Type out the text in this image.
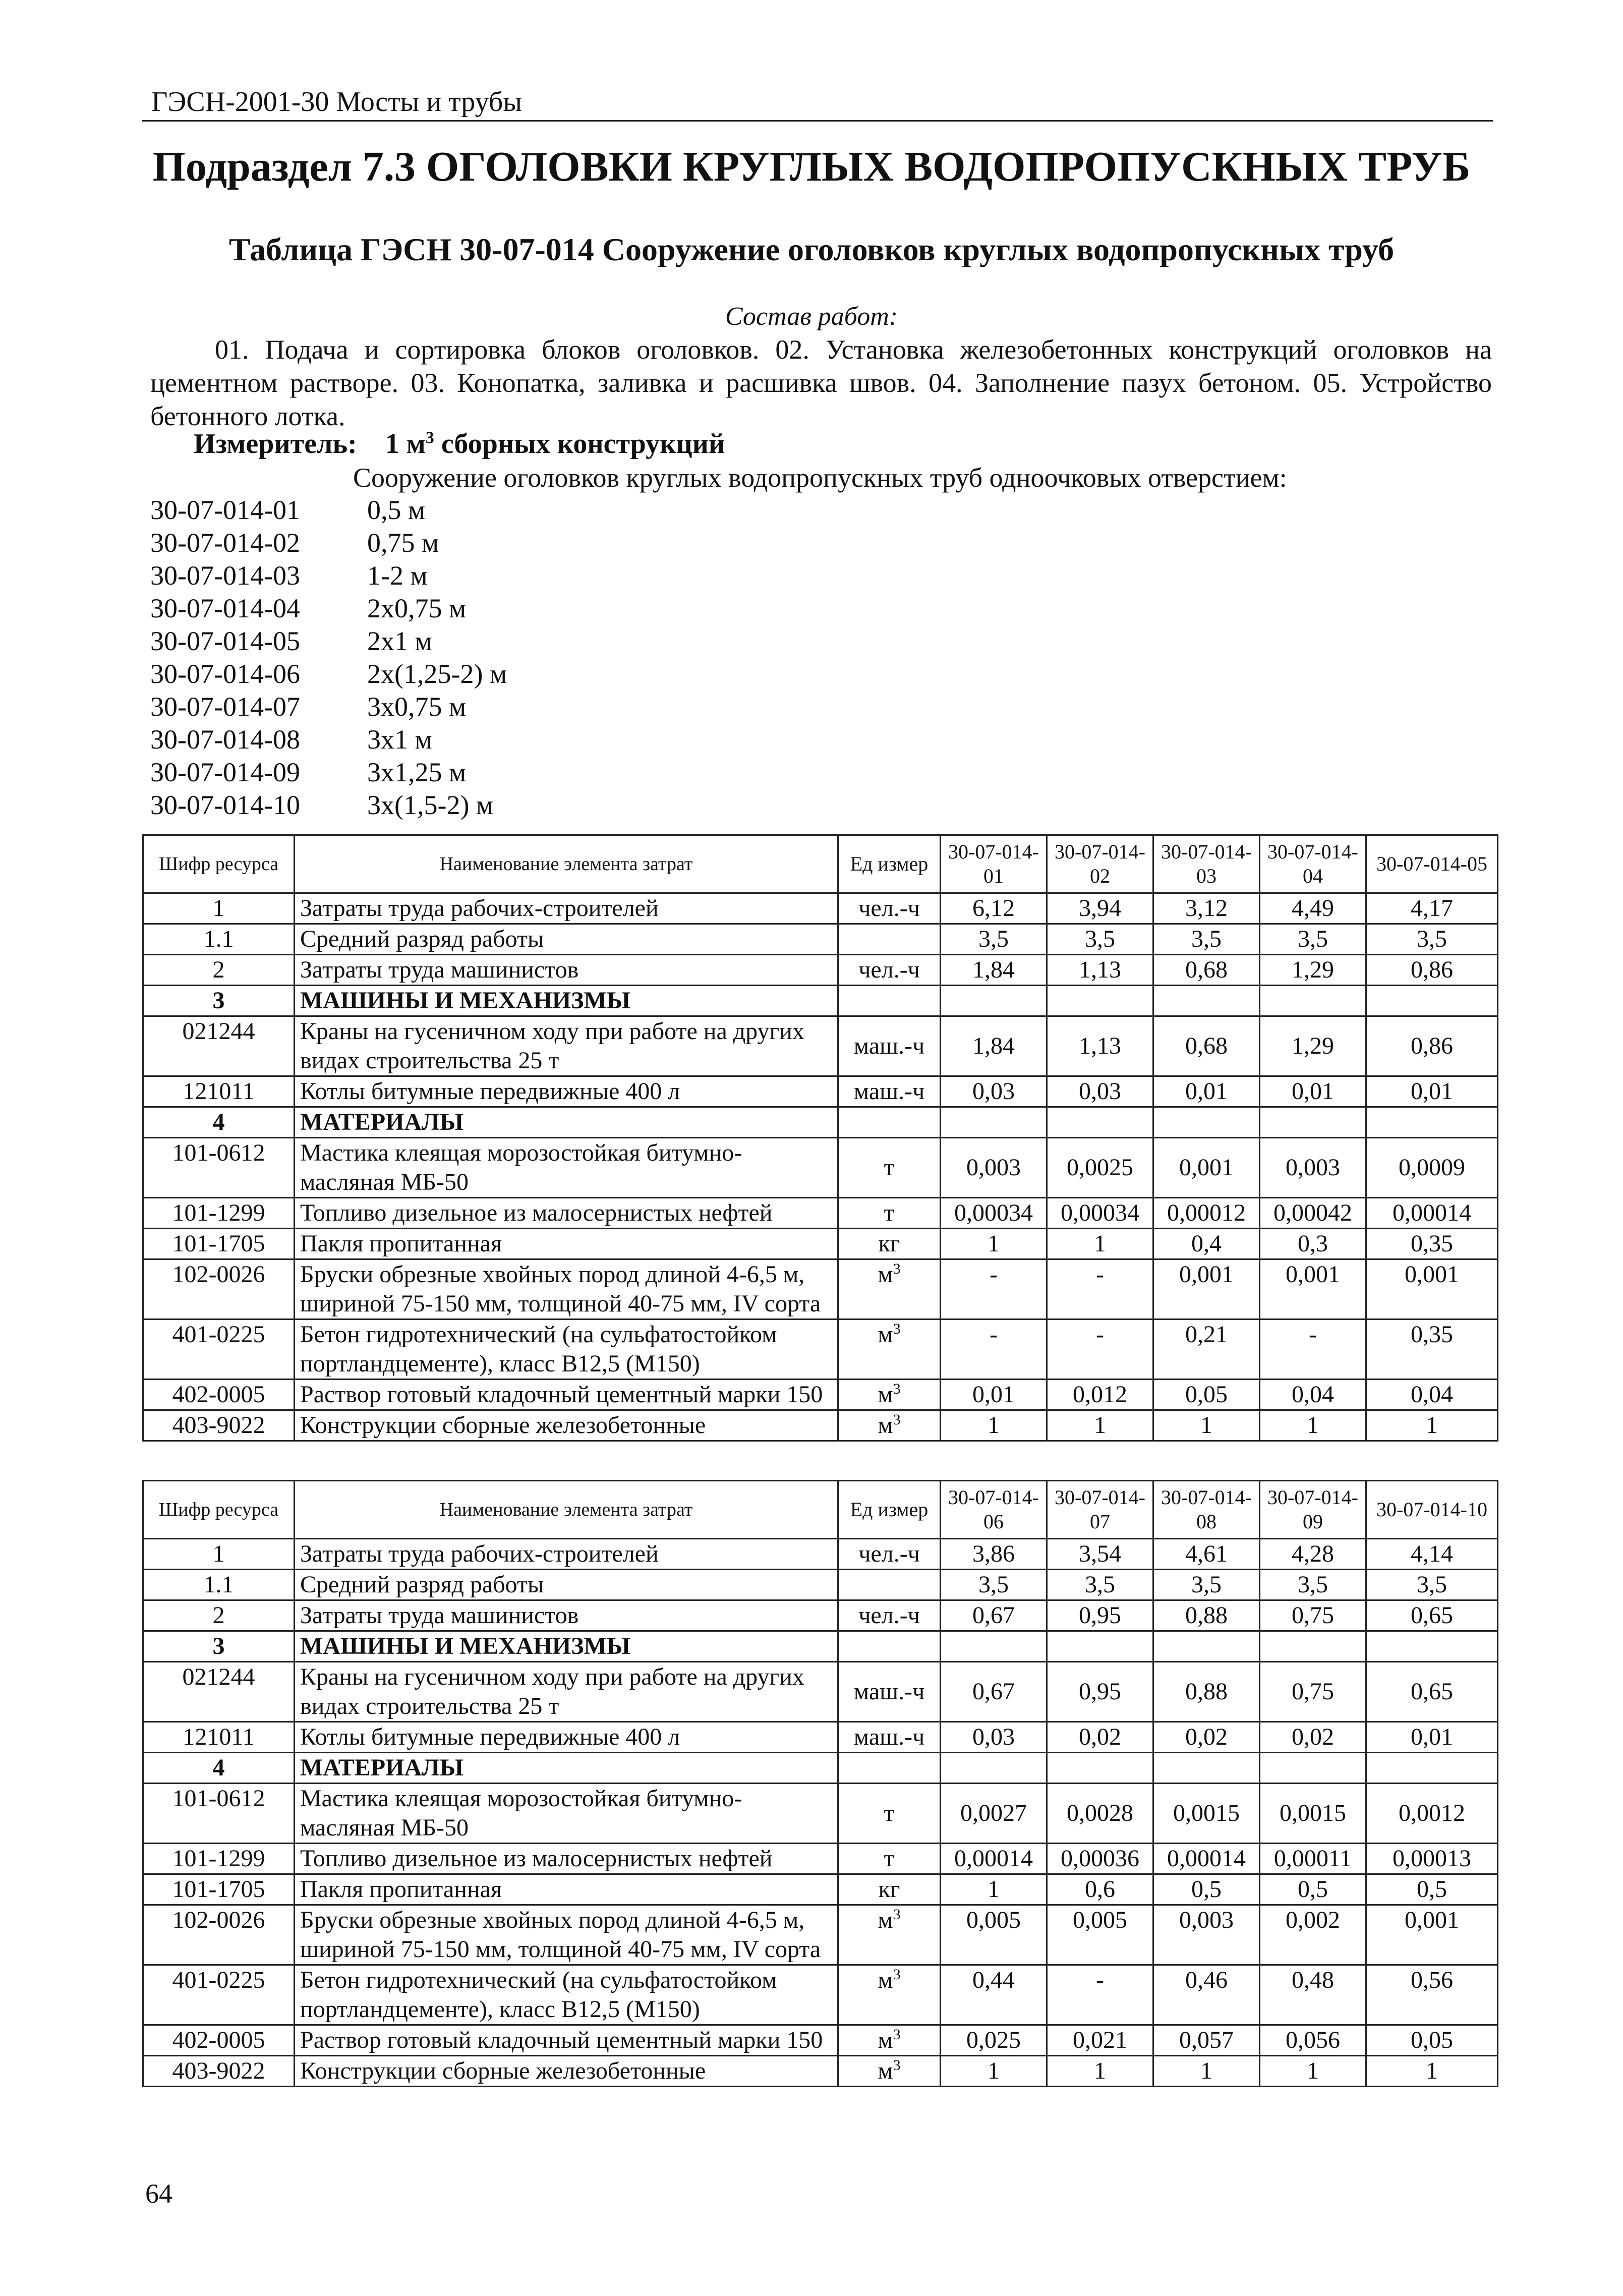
ГЭСН-2001-30 Мосты и трубы
Подраздел 7.3 ОГОЛОВКИ КРУГЛЫХ ВОДОПРОПУСКНЫХ ТРУБ
Таблица ГЭСН 30-07-014 Сооружение оголовков круглых водопропускных труб
Состав работ:
01. Подача и сортировка блоков оголовков. 02. Установка железобетонных конструкций оголовков на цементном растворе. 03. Конопатка, заливка и расшивка швов. 04. Заполнение пазух бетоном. 05. Устройство бетонного лотка.
Измеритель: 1 $м^3$ сборных конструкций
Сооружение оголовков круглых водопропускных труб одноочковых отверстием:
30-07-014-01 0,5 м
30-07-014-02 0,75 м
30-07-014-03 1-2 м
30-07-014-04 2x0,75 м
30-07-014-05 2x1 м
30-07-014-06 2x(1,25-2) м
30-07-014-07 3x0,75 м
30-07-014-08 3x1 м
30-07-014-09 3x1,25 м
30-07-014-10 3x(1,5-2) м
Шифр ресурса	Наименование элемента затрат	Ед измер	30-07-014-01	30-07-014-02	30-07-014-03	30-07-014-04	30-07-014-05
1	Затраты труда рабочих-строителей	чел.-ч	6,12	3,94	3,12	4,49	4,17
1.1	Средний разряд работы		3,5	3,5	3,5	3,5	3,5
2	Затраты труда машинистов	чел.-ч	1,84	1,13	0,68	1,29	0,86
3	МАШИНЫ И МЕХАНИЗМЫ						
021244	Краны на гусеничном ходу при работе на других видах строительства 25 т	маш.-ч	1,84	1,13	0,68	1,29	0,86
121011	Котлы битумные передвижные 400 л	маш.-ч	0,03	0,03	0,01	0,01	0,01
4	МАТЕРИАЛЫ						
101-0612	Мастика клеящая морозостойкая битумно-масляная МБ-50	т	0,003	0,0025	0,001	0,003	0,0009
101-1299	Топливо дизельное из малосернистых нефтей	т	0,00034	0,00034	0,00012	0,00042	0,00014
101-1705	Пакля пропитанная	кг	1	1	0,4	0,3	0,35
102-0026	Бруски обрезные хвойных пород длиной 4-6,5 м, шириной 75-150 мм, толщиной 40-75 мм, IV сорта	$м^3$	-	-	0,001	0,001	0,001
401-0225	Бетон гидротехнический (на сульфатостойком портландцементе), класс В12,5 (М150)	$м^3$	-	-	0,21	-	0,35
402-0005	Раствор готовый кладочный цементный марки 150	$м^3$	0,01	0,012	0,05	0,04	0,04
403-9022	Конструкции сборные железобетонные	$м^3$	1	1	1	1	1
Шифр ресурса	Наименование элемента затрат	Ед измер	30-07-014-06	30-07-014-07	30-07-014-08	30-07-014-09	30-07-014-10
1	Затраты труда рабочих-строителей	чел.-ч	3,86	3,54	4,61	4,28	4,14
1.1	Средний разряд работы		3,5	3,5	3,5	3,5	3,5
2	Затраты труда машинистов	чел.-ч	0,67	0,95	0,88	0,75	0,65
3	МАШИНЫ И МЕХАНИЗМЫ						
021244	Краны на гусеничном ходу при работе на других видах строительства 25 т	маш.-ч	0,67	0,95	0,88	0,75	0,65
121011	Котлы битумные передвижные 400 л	маш.-ч	0,03	0,02	0,02	0,02	0,01
4	МАТЕРИАЛЫ						
101-0612	Мастика клеящая морозостойкая битумно-масляная МБ-50	т	0,0027	0,0028	0,0015	0,0015	0,0012
101-1299	Топливо дизельное из малосернистых нефтей	т	0,00014	0,00036	0,00014	0,00011	0,00013
101-1705	Пакля пропитанная	кг	1	0,6	0,5	0,5	0,5
102-0026	Бруски обрезные хвойных пород длиной 4-6,5 м, шириной 75-150 мм, толщиной 40-75 мм, IV сорта	$м^3$	0,005	0,005	0,003	0,002	0,001
401-0225	Бетон гидротехнический (на сульфатостойком портландцементе), класс В12,5 (М150)	$м^3$	0,44	-	0,46	0,48	0,56
402-0005	Раствор готовый кладочный цементный марки 150	$м^3$	0,025	0,021	0,057	0,056	0,05
403-9022	Конструкции сборные железобетонные	$м^3$	1	1	1	1	1
64
